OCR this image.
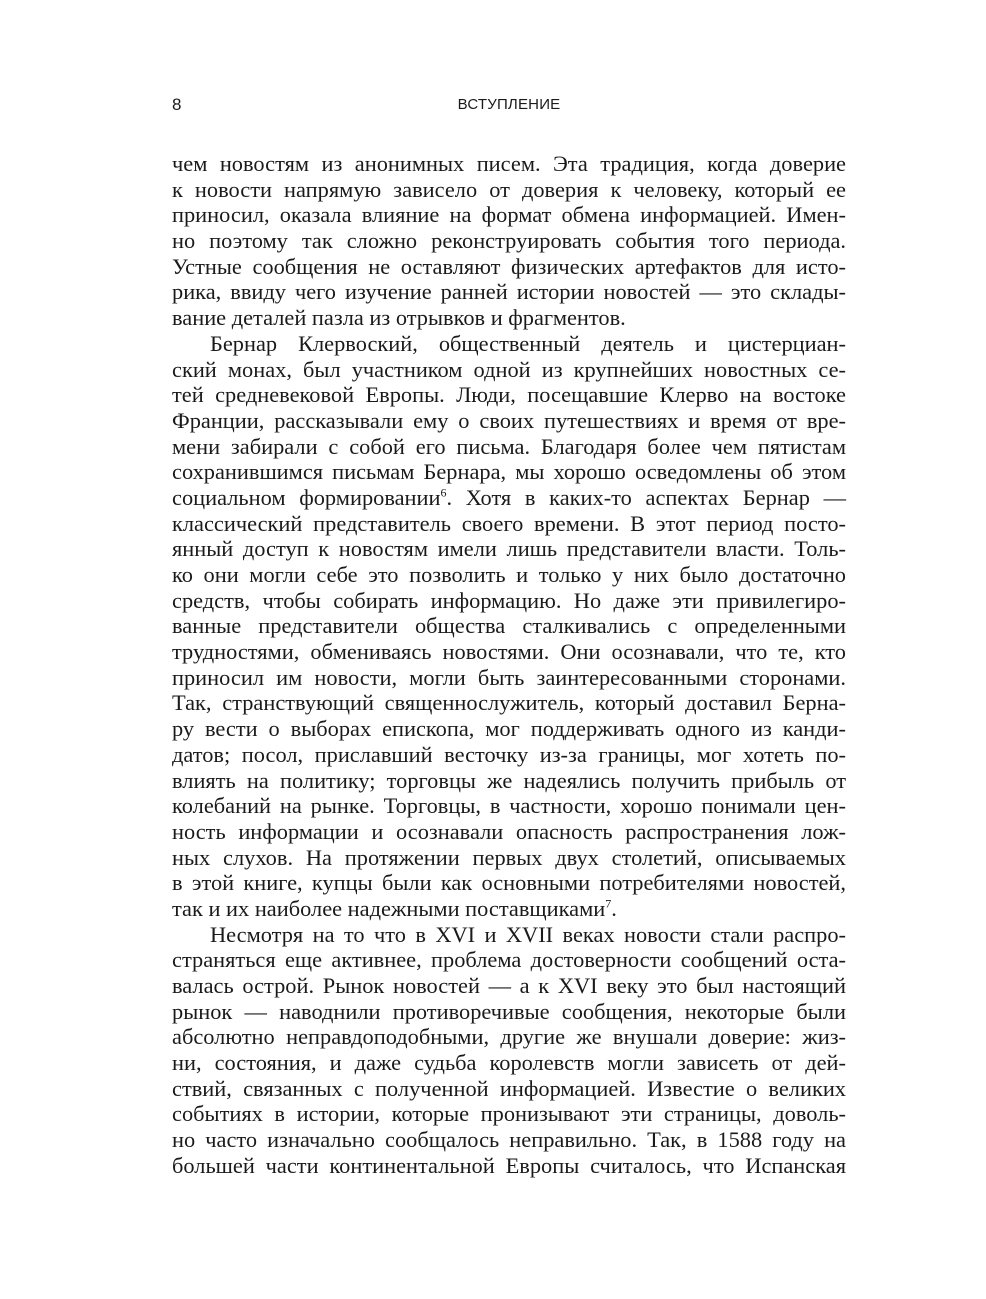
8	ВСТУПЛЕНИЕ
чем новостям из анонимных писем. Эта традиция, когда доверие
к новости напрямую зависело от доверия к человеку, который ее
приносил, оказала влияние на формат обмена информацией. Имен-
но поэтому так сложно реконструировать события того периода.
Устные сообщения не оставляют физических артефактов для исто-
рика, ввиду чего изучение ранней истории новостей — это склады-
вание деталей пазла из отрывков и фрагментов.
Бернар Клервоский, общественный деятель и цистерциан-
ский монах, был участником одной из крупнейших новостных се-
тей средневековой Европы. Люди, посещавшие Клерво на востоке
Франции, рассказывали ему о своих путешествиях и время от вре-
мени забирали с собой его письма. Благодаря более чем пятистам
сохранившимся письмам Бернара, мы хорошо осведомлены об этом
социальном формировании$^6$. Хотя в каких-то аспектах Бернар —
классический представитель своего времени. В этот период посто-
янный доступ к новостям имели лишь представители власти. Толь-
ко они могли себе это позволить и только у них было достаточно
средств, чтобы собирать информацию. Но даже эти привилегиро-
ванные представители общества сталкивались с определенными
трудностями, обмениваясь новостями. Они осознавали, что те, кто
приносил им новости, могли быть заинтересованными сторонами.
Так, странствующий священнослужитель, который доставил Берна-
ру вести о выборах епископа, мог поддерживать одного из канди-
датов; посол, приславший весточку из-за границы, мог хотеть по-
влиять на политику; торговцы же надеялись получить прибыль от
колебаний на рынке. Торговцы, в частности, хорошо понимали цен-
ность информации и осознавали опасность распространения лож-
ных слухов. На протяжении первых двух столетий, описываемых
в этой книге, купцы были как основными потребителями новостей,
так и их наиболее надежными поставщиками$^7$.
Несмотря на то что в XVI и XVII веках новости стали распро-
страняться еще активнее, проблема достоверности сообщений оста-
валась острой. Рынок новостей — а к XVI веку это был настоящий
рынок — наводнили противоречивые сообщения, некоторые были
абсолютно неправдоподобными, другие же внушали доверие: жиз-
ни, состояния, и даже судьба королевств могли зависеть от дей-
ствий, связанных с полученной информацией. Известие о великих
событиях в истории, которые пронизывают эти страницы, доволь-
но часто изначально сообщалось неправильно. Так, в 1588 году на
большей части континентальной Европы считалось, что Испанская
